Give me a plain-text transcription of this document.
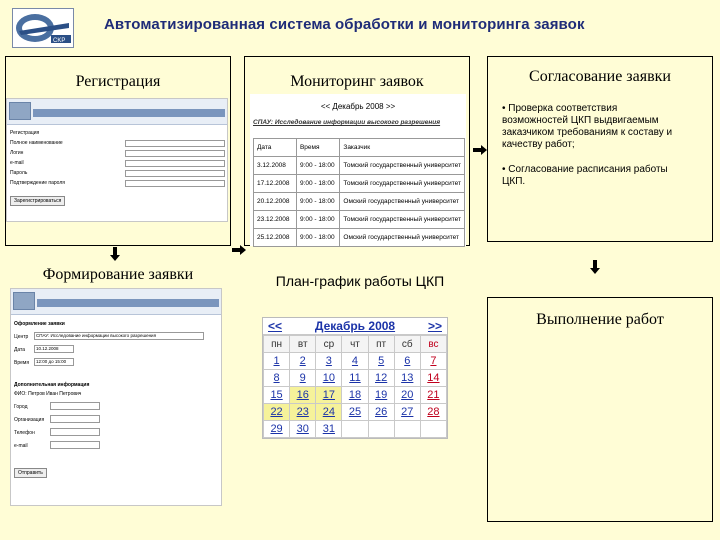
CKP
Автоматизированная система обработки и мониторинга заявок
Регистрация
Регистрация
Полное наименование
Логин
e-mail
Пароль
Подтверждение пароля
Зарегистрироваться
Мониторинг заявок
<< Декабрь 2008 >>
СПАУ: Исследование информации высокого разрешения
Дата	Время	Заказчик
3.12.2008	9:00 - 18:00	Томский государственный университет
17.12.2008	9:00 - 18:00	Томский государственный университет
20.12.2008	9:00 - 18:00	Омский государственный университет
23.12.2008	9:00 - 18:00	Томский государственный университет
25.12.2008	9:00 - 18:00	Омский государственный университет
Согласование заявки

• Проверка соответствия возможностей ЦКП выдвигаемым заказчиком требованиям к составу и качеству работ;

• Согласование расписания работы ЦКП.

Формирование заявки
Оформление заявки
Центр	СПАУ: Исследование информации высокого разрешения
Дата	10.12.2008
Время	12:00 до 15:00
Дополнительная информация
ФИО: Петров Иван Петрович
Город
Организация
Телефон
e-mail
Отправить
План-график работы ЦКП
<<	Декабрь 2008	>>
пн	вт	ср	чт	пт	сб	вс
1	2	3	4	5	6	7
8	9	10	11	12	13	14
15	16	17	18	19	20	21
22	23	24	25	26	27	28
29	30	31				
Выполнение работ
